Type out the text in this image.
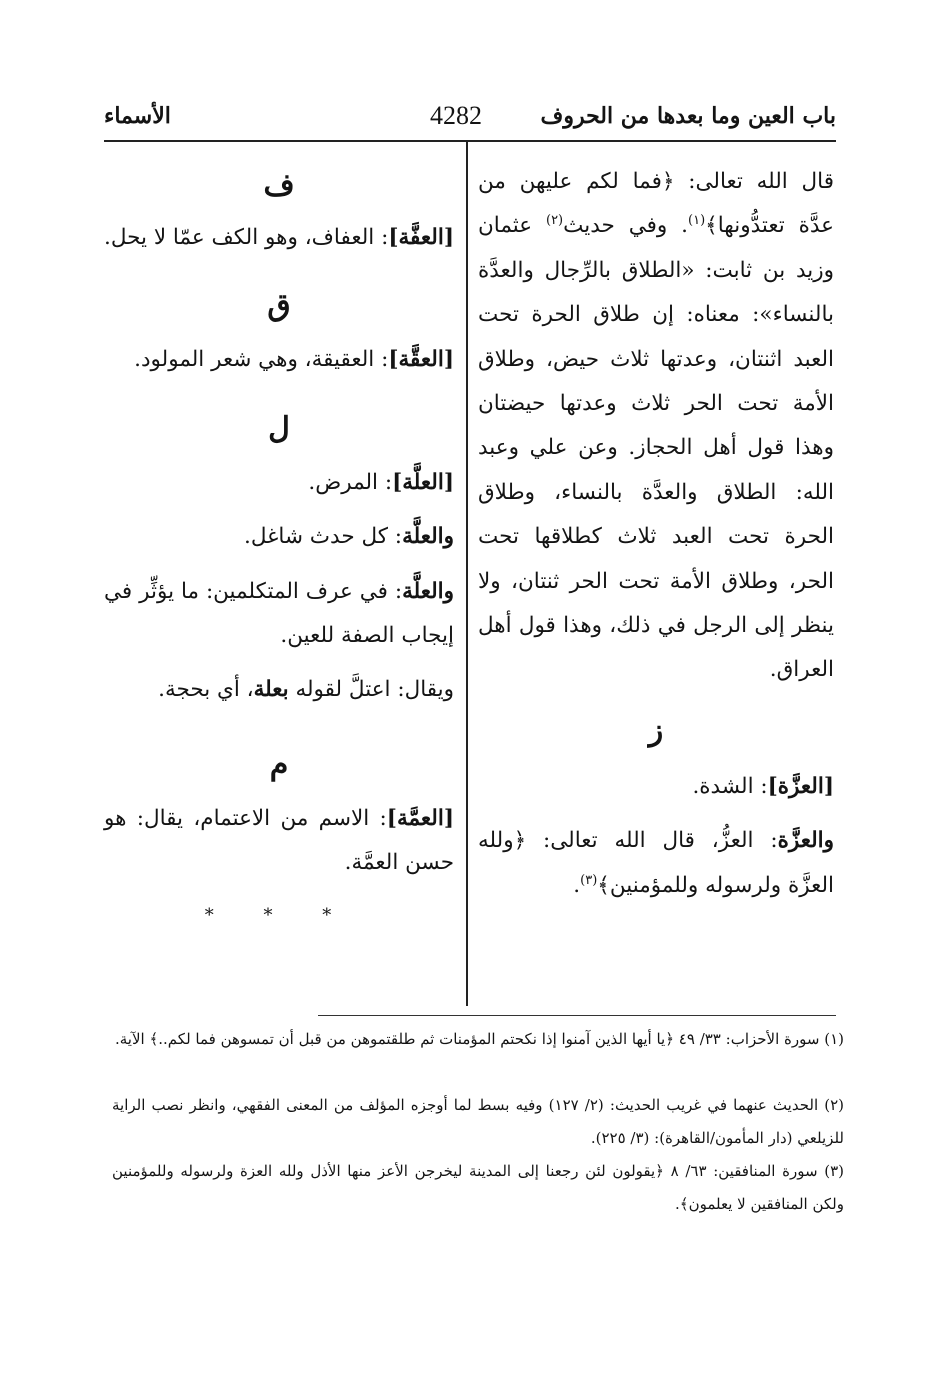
باب العين وما بعدها من الحروف
4282
الأسماء

قال الله تعالى: ﴿فما لكم عليهن من عدَّة تعتدُّونها﴾$^{(١)}$. وفي حديث$^{(٢)}$ عثمان وزيد بن ثابت: «الطلاق بالرِّجال والعدَّة بالنساء»: معناه: إن طلاق الحرة تحت العبد اثنتان، وعدتها ثلاث حيض، وطلاق الأمة تحت الحر ثلاث وعدتها حيضتان وهذا قول أهل الحجاز. وعن علي وعبد الله: الطلاق والعدَّة بالنساء، وطلاق الحرة تحت العبد ثلاث كطلاقها تحت الحر، وطلاق الأمة تحت الحر ثنتان، ولا ينظر إلى الرجل في ذلك، وهذا قول أهل العراق.

ز

[العزَّة]: الشدة.

والعزَّة: العزُّ، قال الله تعالى: ﴿ولله العزَّة ولرسوله وللمؤمنين﴾$^{(٣)}$.

ف

[العفَّة]: العفاف، وهو الكف عمّا لا يحل.

ق

[العقَّة]: العقيقة، وهي شعر المولود.

ل

[العلَّة]: المرض.

والعلَّة: كل حدث شاغل.

والعلَّة: في عرف المتكلمين: ما يؤثِّر في إيجاب الصفة للعين.

ويقال: اعتلَّ لقوله بعلة، أي بحجة.

م

[العمَّة]: الاسم من الاعتمام، يقال: هو حسن العمَّة.

* * *

(١) سورة الأحزاب: ٣٣/ ٤٩ ﴿يا أيها الذين آمنوا إذا نكحتم المؤمنات ثم طلقتموهن من قبل أن تمسوهن فما لكم..﴾ الآية.

(٢) الحديث عنهما في غريب الحديث: (٢/ ١٢٧) وفيه بسط لما أوجزه المؤلف من المعنى الفقهي، وانظر نصب الراية للزيلعي (دار المأمون/القاهرة): (٣/ ٢٢٥).

(٣) سورة المنافقين: ٦٣/ ٨ ﴿يقولون لئن رجعنا إلى المدينة ليخرجن الأعز منها الأذل ولله العزة ولرسوله وللمؤمنين ولكن المنافقين لا يعلمون﴾.
